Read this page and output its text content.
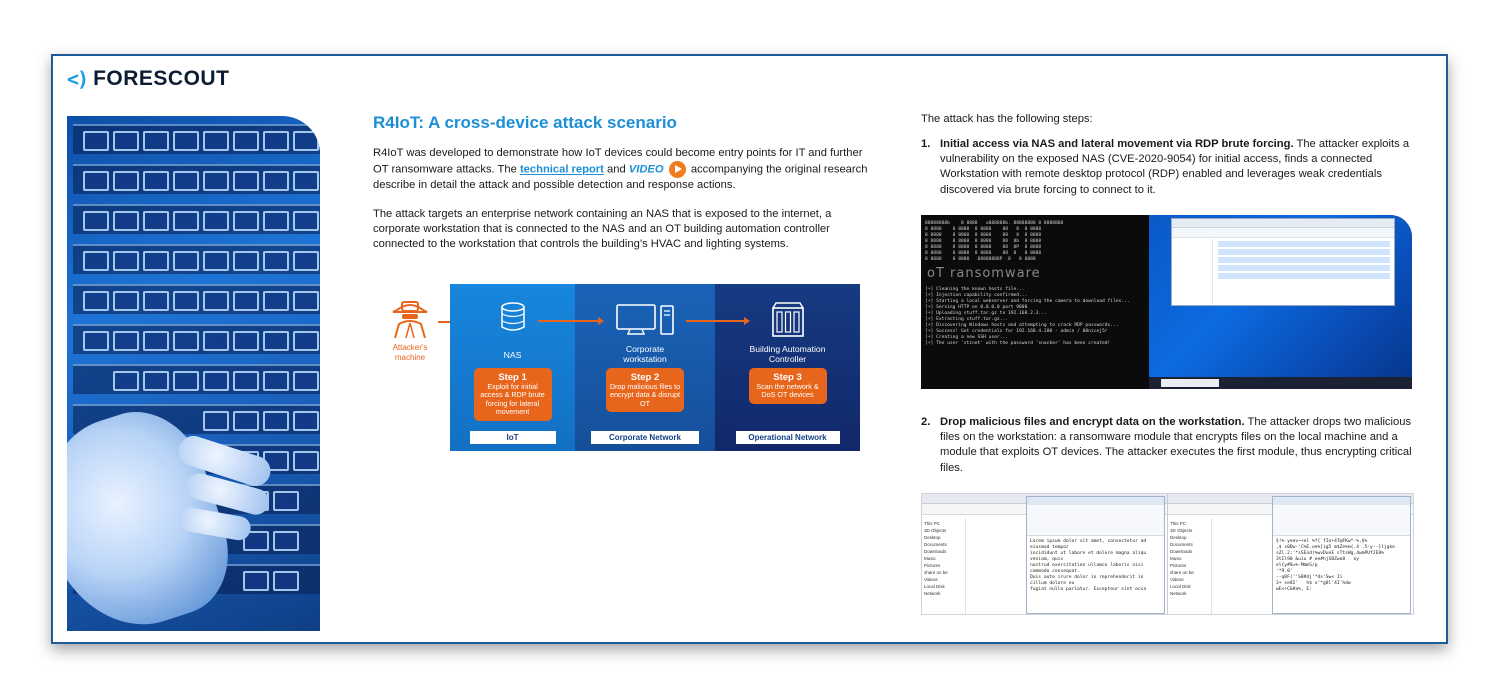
<) FORESCOUT
R4IoT: A cross-device attack scenario

R4IoT was developed to demonstrate how IoT devices could become entry points for IT and further OT ransomware attacks. The technical report and VIDEO  accompanying the original research describe in detail the attack and possible detection and response actions.

The attack targets an enterprise network containing an NAS that is exposed to the internet, a corporate workstation that is connected to the NAS and an OT building automation controller connected to the workstation that controls the building’s HVAC and lighting systems.

Attacker's machine	NAS
Step 1
Exploit for initial access & RDP brute forcing for lateral movement
IoT
Corporate workstation
Step 2
Drop malicious files to encrypt data & disrupt OT
Corporate Network
Building Automation Controller
Step 3
Scan the network & DoS OT devices
Operational Network

The attack has the following steps:

1. Initial access via NAS and lateral movement via RDP brute forcing. The attacker exploits a vulnerability on the exposed NAS (CVE-2020-9054) for initial access, finds a connected Workstation with remote desktop protocol (RDP) enabled and leverages weak credentials discovered via brute forcing to connect to it.
88888888b    8 8888   o888888b. 88888888 8 8888888
8 8888    8 8888  8 8888    88   8  8 8888
8 8888    8 8888  8 8888    88   8  8 8888
8 8888    8 8888  8 8888    88  8b  8 8888
8 8888    8 8888  8 8888    88  8P  8 8888
8 8888    8 8888  8 8888    88  8   8 8888
8 8888    8 8888   88888888P  8   8 8888
oT ransomware
[+] Cleaning the known hosts file...
[+] Injection capability confirmed...
[+] Starting a local webserver and forcing the camera to download files...
[+] Serving HTTP on 0.0.0.0 port 9000
[+] Uploading stuff.tar.gz to 192.168.2.3...
[+] Extracting stuff.tar.gz...
[+] Discovering Windows hosts and attempting to crack RDP passwords...
[+] Success! Got credentials for 192.168.4.200 - admin / 00nicej5r
[+] Creating a new SSH user...
[+] The user 'stinet' with the password 'snacker' has been created!
2. Drop malicious files and encrypt data on the workstation. The attacker drops two malicious files on the workstation: a ransomware module that encrypts files on the local machine and a module that exploits OT devices. The attacker executes the first module, thus encrypting critical files.
This PC
3D Objects
Desktop
Documents
Downloads
Music
Pictures
share on be
Videos
Local Disk
Network
Lorem ipsum dolor sit amet, consectetur ad
eiusmod tempor
incididunt ut labore et dolore magna aliqu
veniam, quis
nostrud exercitation ullamco laboris nisi
commodo consequat.
Duis aute irure dolor in reprehenderit in
cillum dolore eu
fugiat nulla pariatur. Excepteur sint occa
This PC
3D Objects
Desktop
Documents
Downloads
Music
Pictures
share on be
Videos
Local Disk
Network
§!% yeev~+el %f{`fIo+4T@FKw*-%.§%
,$ s0Dw-'C%E.oe%[ig5 m$Ze%m{.4 .5-y--}ljgke
sZl.2;'*sSEnd(%wvDueE sTtsWg,4wmPUfJE8%
3tIl90 &uiu # ee#hjSBZwo8   ey
el{y#8=%-MmmS/p
'*9.0'
--q8F(''S8#dj'*4s'Sw< Ii
3+ se8I'   h$ x'*g8l'4I'hdw
wE<+C&#a%, E:
